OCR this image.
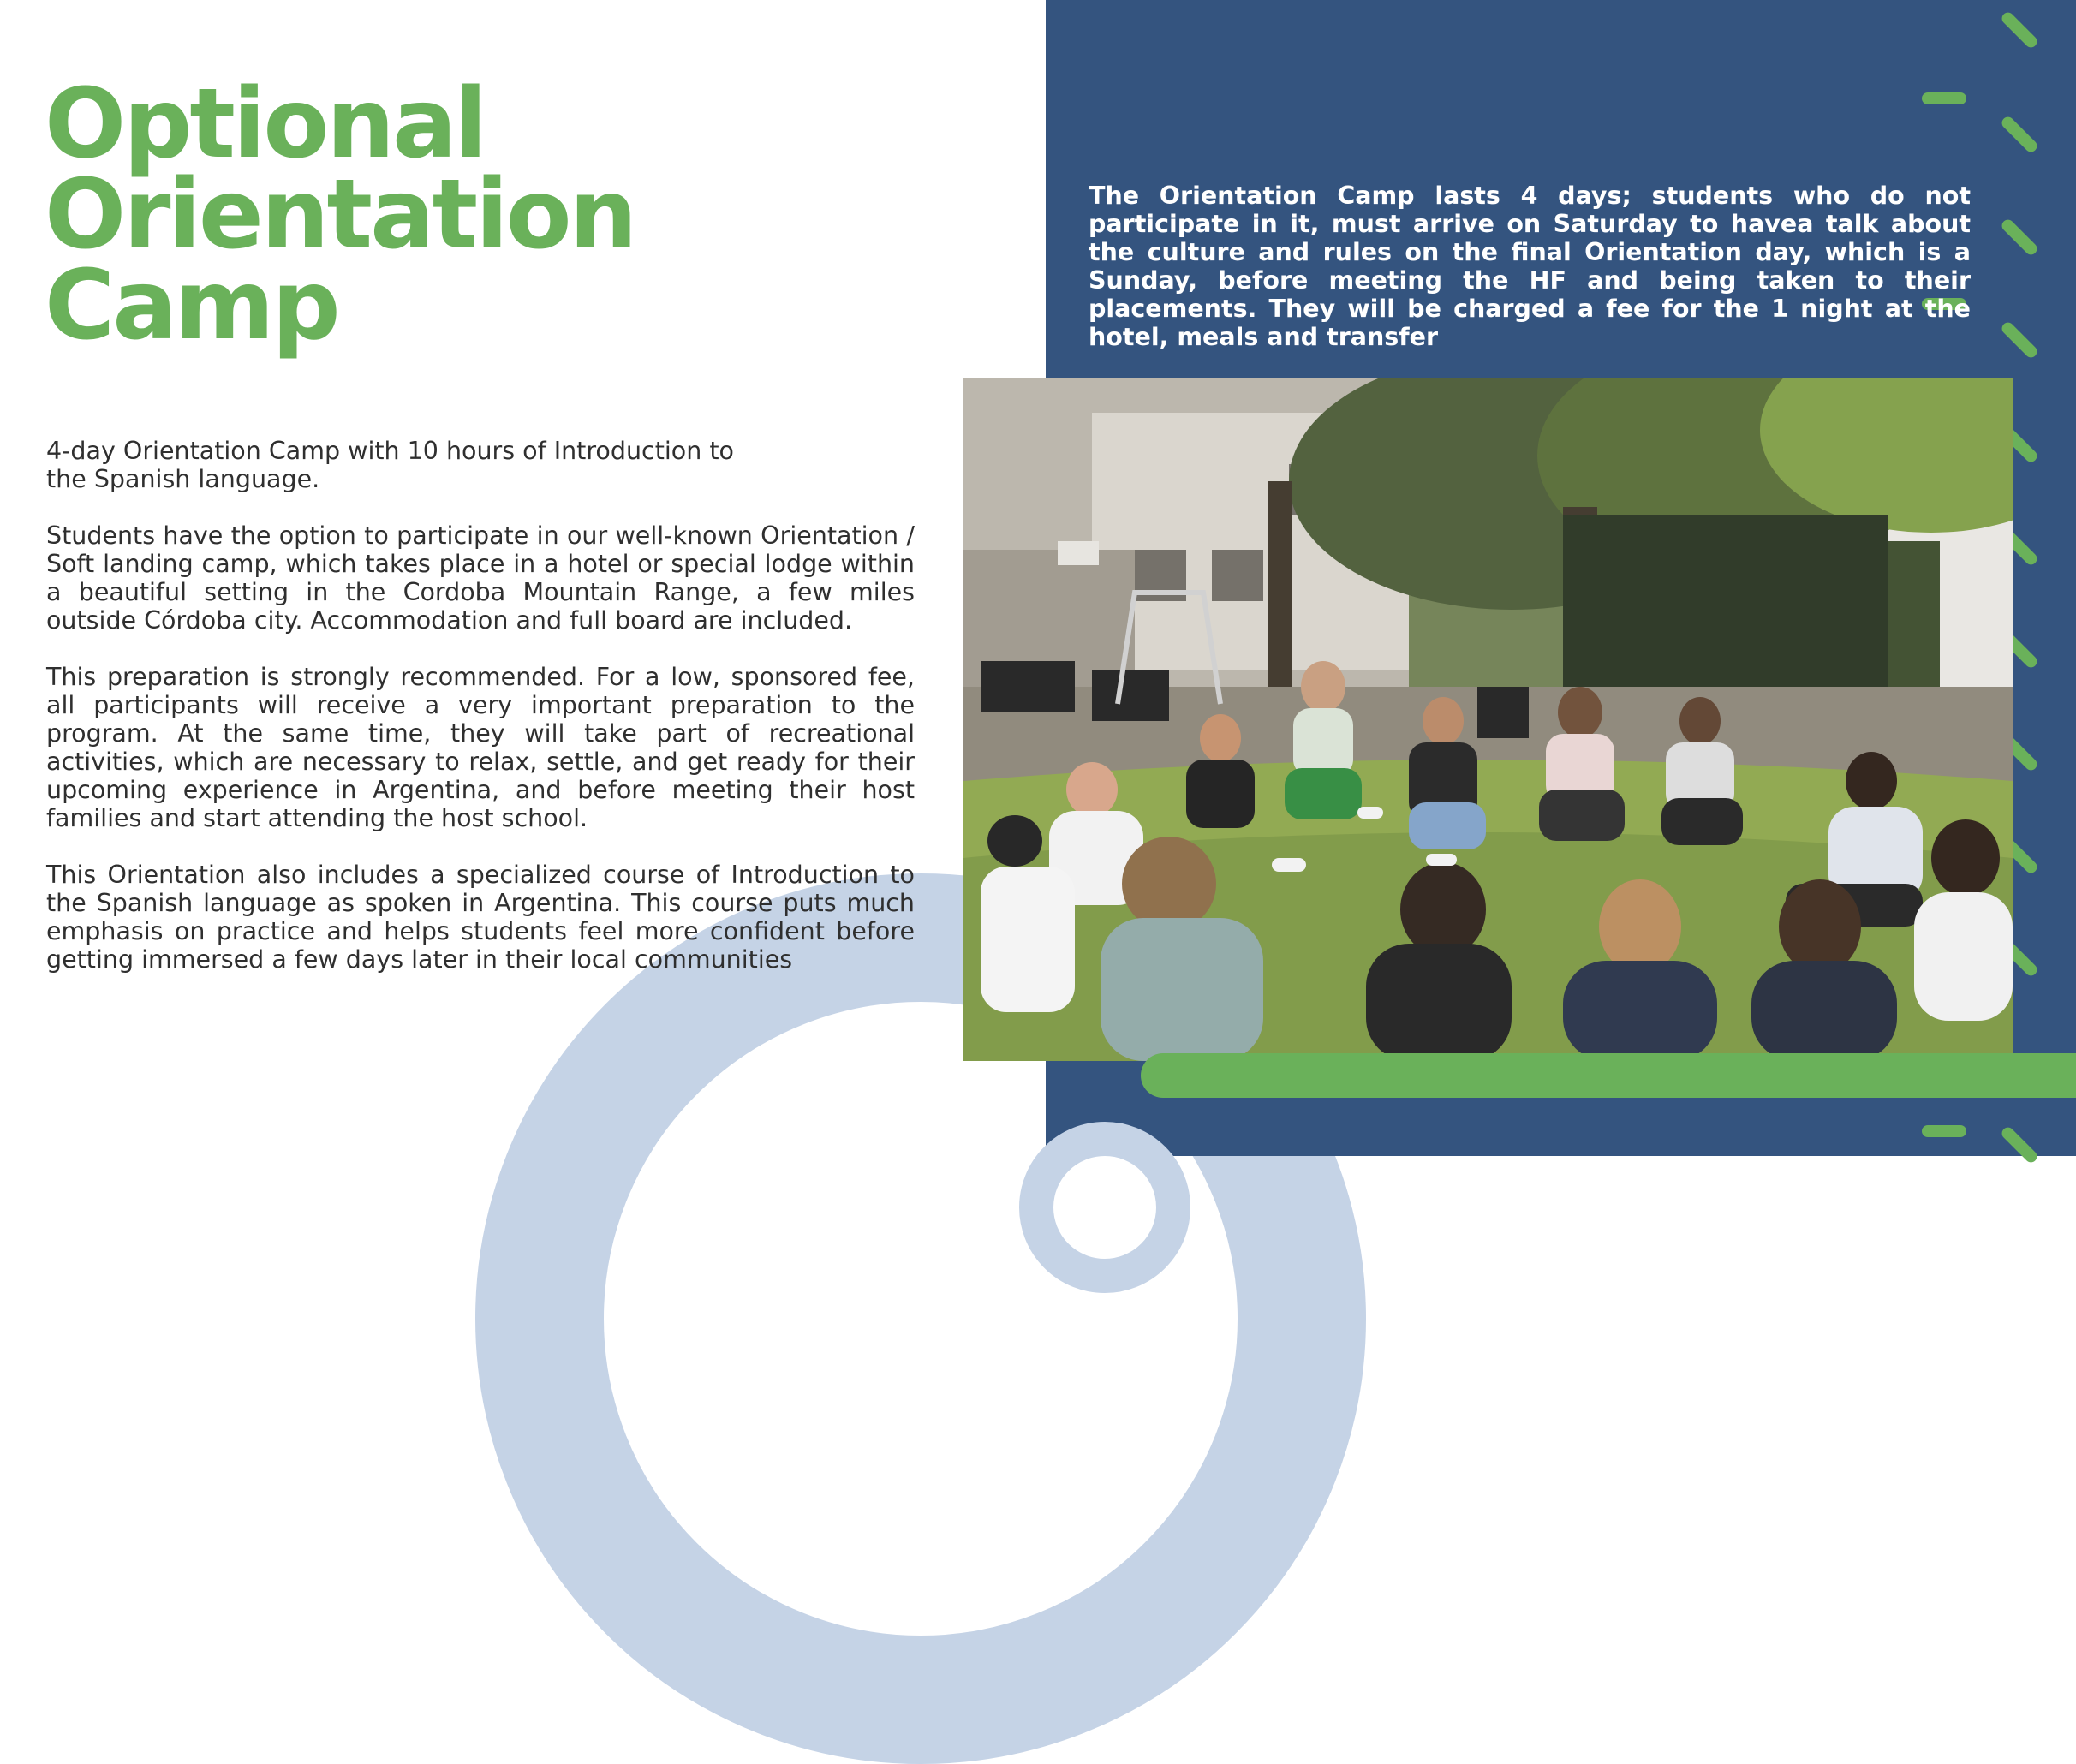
Optional
Orientation
Camp

4-day Orientation Camp with 10 hours of Introduction to the Spanish language.

Students have the option to participate in our well-known Orientation / Soft landing camp, which takes place in a hotel or special lodge within a beautiful setting in the Cordoba Mountain Range, a few miles outside Córdoba city. Accommodation and full board are included.

This preparation is strongly recommended. For a low, sponsored fee, all participants will receive a very important preparation to the program. At the same time, they will take part of recreational activities, which are necessary to relax, settle, and get ready for their upcoming experience in Argentina, and before meeting their host families and start attending the host school.

This Orientation also includes a specialized course of Introduction to the Spanish language as spoken in Argentina. This course puts much emphasis on practice and helps students feel more confident before getting immersed a few days later in their local communities

The Orientation Camp lasts 4 days; students who do not participate in it, must arrive on Saturday to havea talk about the culture and rules on the final Orientation day, which is a Sunday, before meeting the HF and being taken to their placements. They will be charged a fee for the 1 night at the hotel, meals and transfer
